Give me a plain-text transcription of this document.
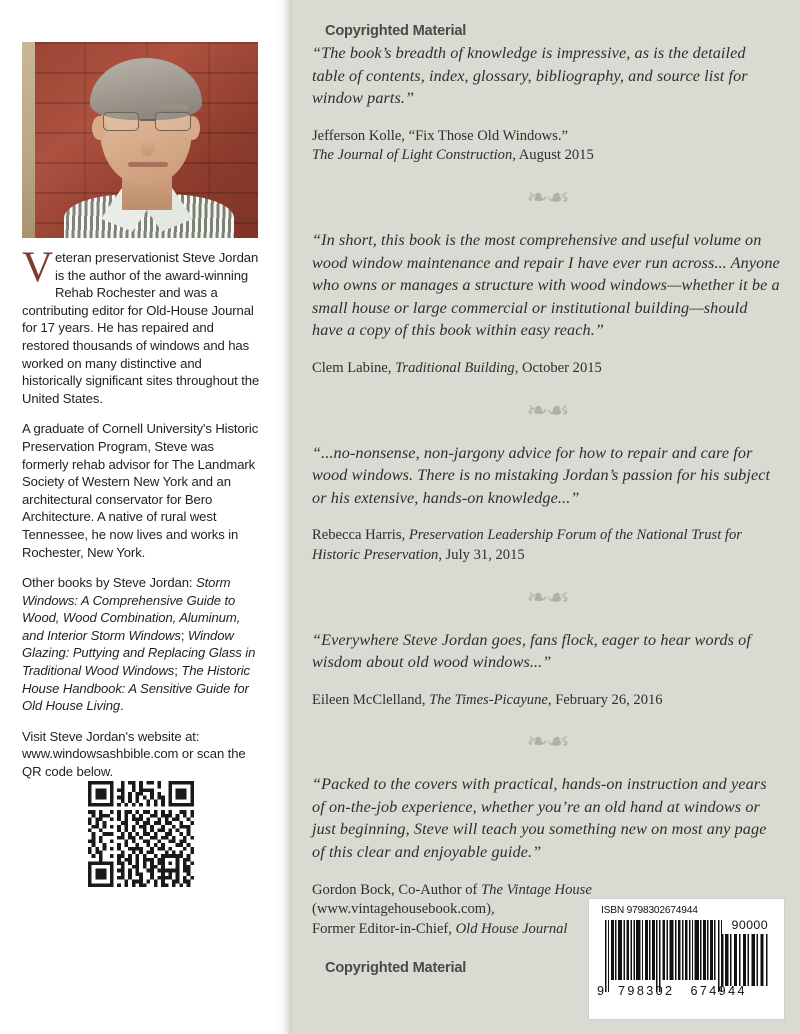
Veteran preservationist Steve Jordan is the author of the award-winning Rehab Rochester and was a contributing editor for Old-House Journal for 17 years. He has repaired and restored thousands of windows and has worked on many distinctive and historically significant sites throughout the United States.

A graduate of Cornell University's Historic Preservation Program, Steve was formerly rehab advisor for The Landmark Society of Western New York and an architectural conservator for Bero Architecture. A native of rural west Tennessee, he now lives and works in Rochester, New York.

Other books by Steve Jordan: Storm Windows: A Comprehensive Guide to Wood, Wood Combination, Aluminum, and Interior Storm Windows; Window Glazing: Puttying and Replacing Glass in Traditional Wood Windows; The Historic House Handbook: A Sensitive Guide for Old House Living.

Visit Steve Jordan's website at: www.windowsashbible.com or scan the QR code below.

Copyrighted Material
Copyrighted Material

“The book’s breadth of knowledge is impressive, as is the detailed table of contents, index, glossary, bibliography, and source list for window parts.”

Jefferson Kolle, “Fix Those Old Windows.”
The Journal of Light Construction, August 2015

❧☙

“In short, this book is the most comprehensive and useful volume on wood window maintenance and repair I have ever run across... Anyone who owns or manages a structure with wood windows—whether it be a small house or large commercial or institutional building—should have a copy of this book within easy reach.”

Clem Labine, Traditional Building, October 2015

❧☙

“...no-nonsense, non-jargony advice for how to repair and care for wood windows. There is no mistaking Jordan’s passion for his subject or his extensive, hands-on knowledge...”

Rebecca Harris, Preservation Leadership Forum of the National Trust for Historic Preservation, July 31, 2015

❧☙

“Everywhere Steve Jordan goes, fans flock, eager to hear words of wisdom about old wood windows...”

Eileen McClelland, The Times-Picayune, February 26, 2016

❧☙

“Packed to the covers with practical, hands-on instruction and years of on-the-job experience, whether you’re an old hand at windows or just beginning, Steve will teach you something new on most any page of this clear and enjoyable guide.”

Gordon Bock, Co-Author of The Vintage House
(www.vintagehousebook.com),
Former Editor-in-Chief, Old House Journal

ISBN 9798302674944
90000
9 798302 674944
